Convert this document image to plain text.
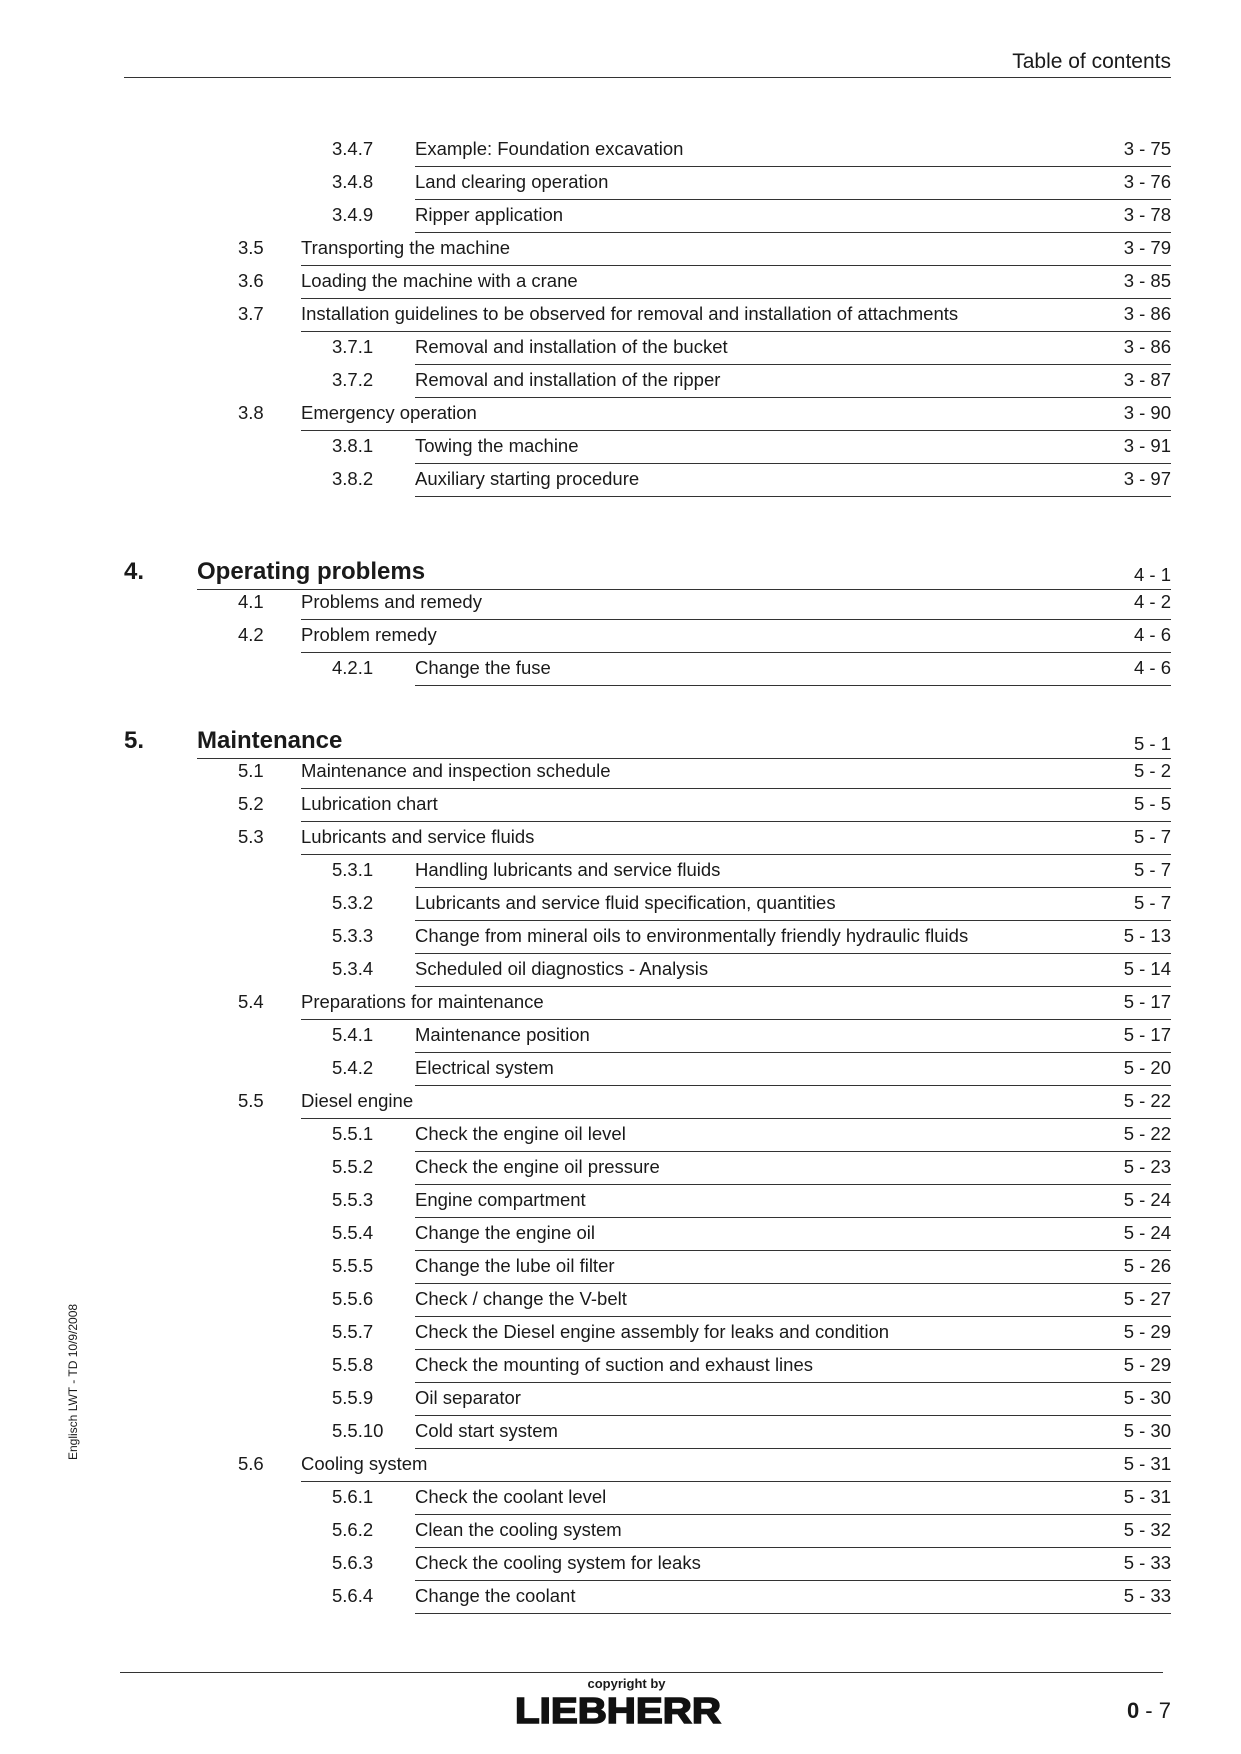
Table of contents
3.4.7 Example: Foundation excavation	3 - 75
3.4.8 Land clearing operation	3 - 76
3.4.9 Ripper application	3 - 78
3.5 Transporting the machine	3 - 79
3.6 Loading the machine with a crane	3 - 85
3.7 Installation guidelines to be observed for removal and installation of attachments	3 - 86
3.7.1 Removal and installation of the bucket	3 - 86
3.7.2 Removal and installation of the ripper	3 - 87
3.8 Emergency operation	3 - 90
3.8.1 Towing the machine	3 - 91
3.8.2 Auxiliary starting procedure	3 - 97
4. Operating problems	4 - 1
4.1 Problems and remedy	4 - 2
4.2 Problem remedy	4 - 6
4.2.1 Change the fuse	4 - 6
5. Maintenance	5 - 1
5.1 Maintenance and inspection schedule	5 - 2
5.2 Lubrication chart	5 - 5
5.3 Lubricants and service fluids	5 - 7
5.3.1 Handling lubricants and service fluids	5 - 7
5.3.2 Lubricants and service fluid specification, quantities	5 - 7
5.3.3 Change from mineral oils to environmentally friendly hydraulic fluids	5 - 13
5.3.4 Scheduled oil diagnostics - Analysis	5 - 14
5.4 Preparations for maintenance	5 - 17
5.4.1 Maintenance position	5 - 17
5.4.2 Electrical system	5 - 20
5.5 Diesel engine	5 - 22
5.5.1 Check the engine oil level	5 - 22
5.5.2 Check the engine oil pressure	5 - 23
5.5.3 Engine compartment	5 - 24
5.5.4 Change the engine oil	5 - 24
5.5.5 Change the lube oil filter	5 - 26
5.5.6 Check / change the V-belt	5 - 27
5.5.7 Check the Diesel engine assembly for leaks and condition	5 - 29
5.5.8 Check the mounting of suction and exhaust lines	5 - 29
5.5.9 Oil separator	5 - 30
5.5.10 Cold start system	5 - 30
5.6 Cooling system	5 - 31
5.6.1 Check the coolant level	5 - 31
5.6.2 Clean the cooling system	5 - 32
5.6.3 Check the cooling system for leaks	5 - 33
5.6.4 Change the coolant	5 - 33
Englisch LWT - TD 10/9/2008
copyright by
LIEBHERR	0 - 7
